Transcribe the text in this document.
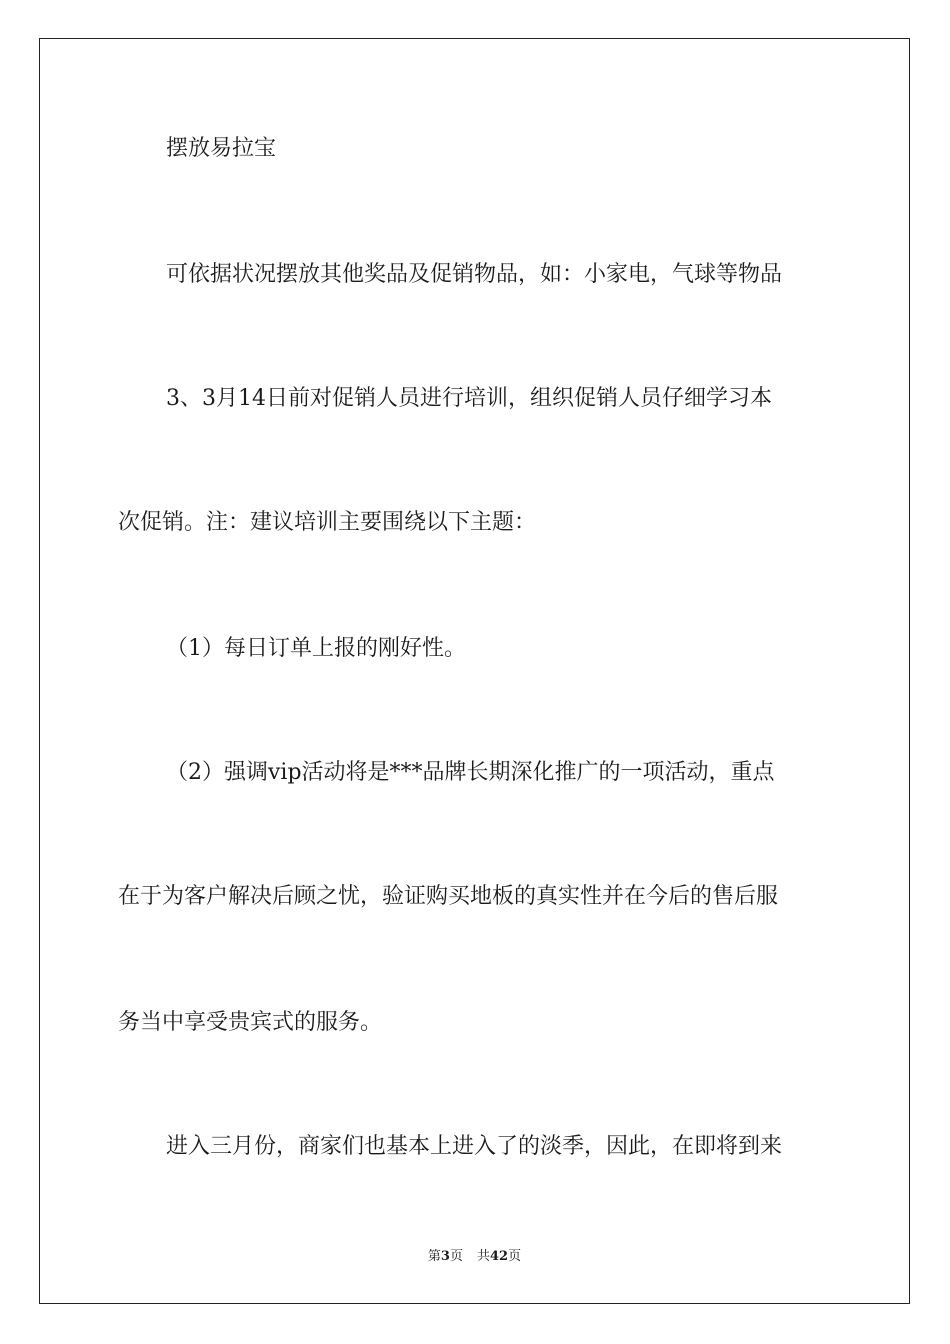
摆放易拉宝
可依据状况摆放其他奖品及促销物品，如：小家电，气球等物品
3、3月14日前对促销人员进行培训，组织促销人员仔细学习本
次促销。注：建议培训主要围绕以下主题：
（1）每日订单上报的刚好性。
（2）强调vip活动将是***品牌长期深化推广的一项活动，重点
在于为客户解决后顾之忧，验证购买地板的真实性并在今后的售后服
务当中享受贵宾式的服务。
进入三月份，商家们也基本上进入了的淡季，因此，在即将到来
第3页 共42页
